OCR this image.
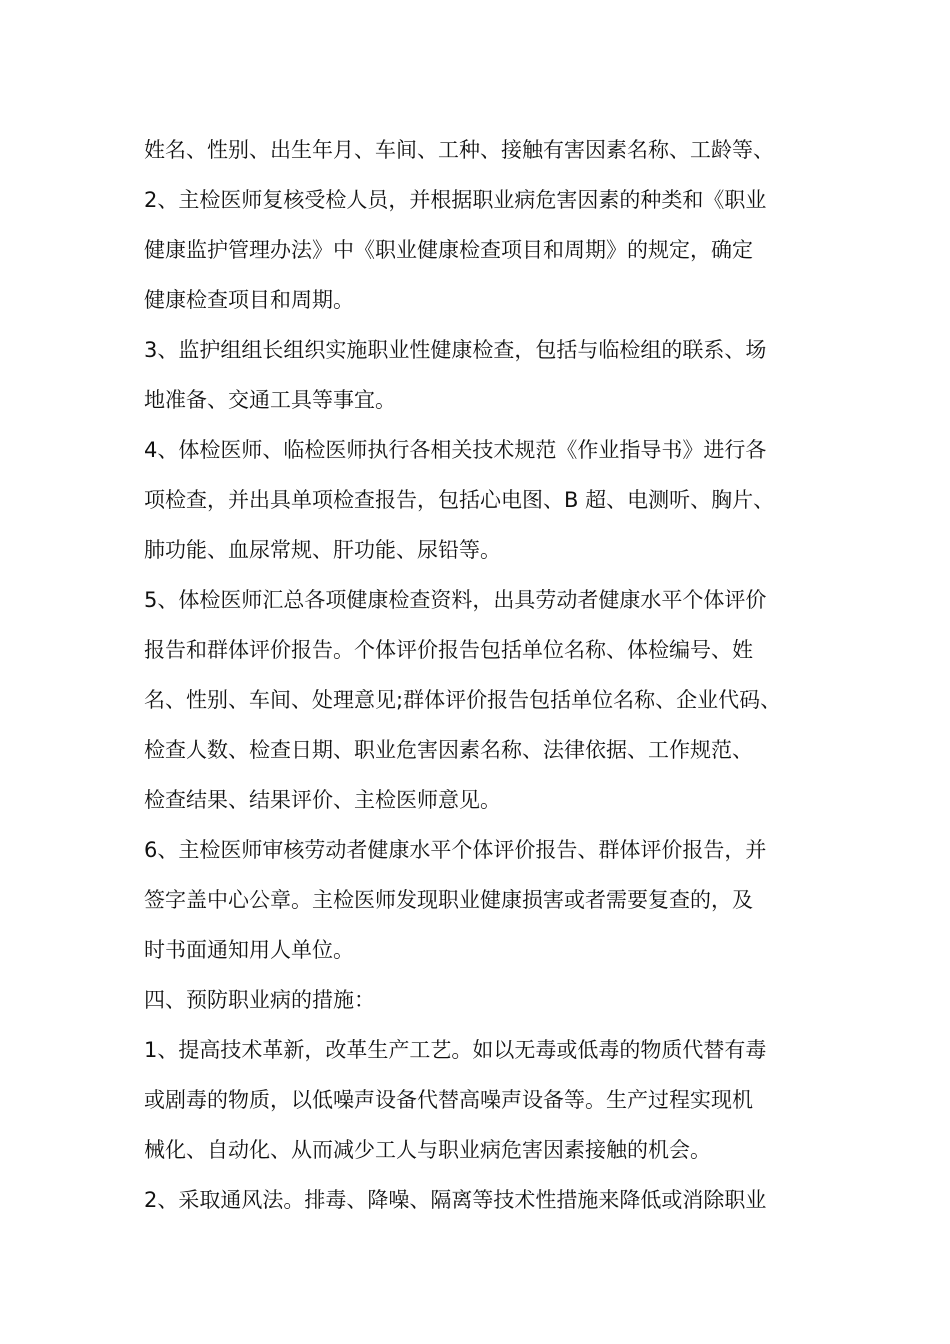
姓名、性别、出生年月、车间、工种、接触有害因素名称、工龄等、
2、主检医师复核受检人员，并根据职业病危害因素的种类和《职业
健康监护管理办法》中《职业健康检查项目和周期》的规定，确定
健康检查项目和周期。
3、监护组组长组织实施职业性健康检查，包括与临检组的联系、场
地准备、交通工具等事宜。
4、体检医师、临检医师执行各相关技术规范《作业指导书》进行各
项检查，并出具单项检查报告，包括心电图、B 超、电测听、胸片、
肺功能、血尿常规、肝功能、尿铅等。
5、体检医师汇总各项健康检查资料，出具劳动者健康水平个体评价
报告和群体评价报告。个体评价报告包括单位名称、体检编号、姓
名、性别、车间、处理意见;群体评价报告包括单位名称、企业代码、
检查人数、检查日期、职业危害因素名称、法律依据、工作规范、
检查结果、结果评价、主检医师意见。
6、主检医师审核劳动者健康水平个体评价报告、群体评价报告，并
签字盖中心公章。主检医师发现职业健康损害或者需要复查的，及
时书面通知用人单位。
四、预防职业病的措施：
1、提高技术革新，改革生产工艺。如以无毒或低毒的物质代替有毒
或剧毒的物质，以低噪声设备代替高噪声设备等。生产过程实现机
械化、自动化、从而减少工人与职业病危害因素接触的机会。
2、采取通风法。排毒、降噪、隔离等技术性措施来降低或消除职业
